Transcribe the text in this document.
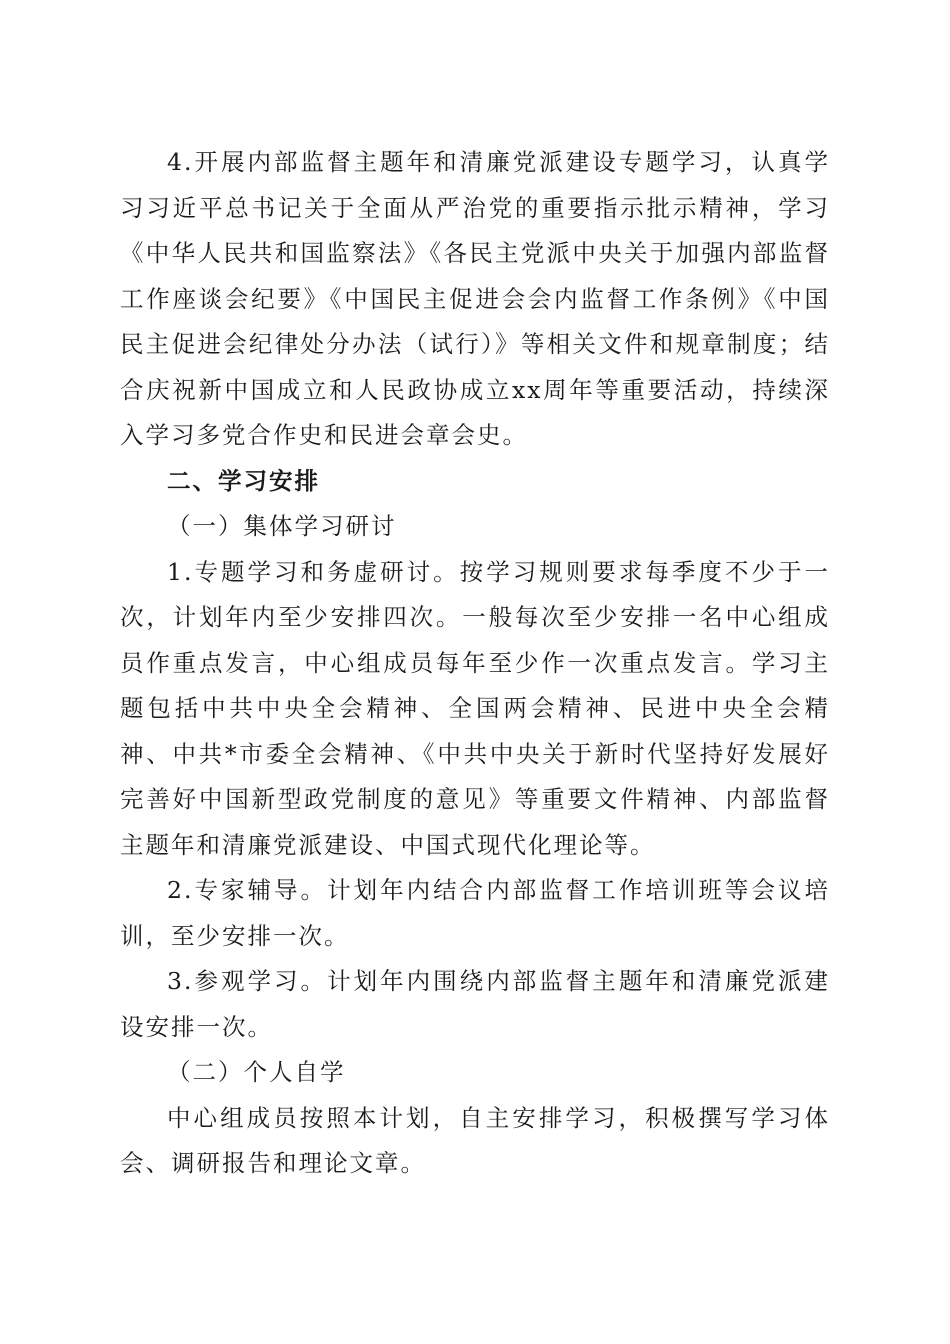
4.开展内部监督主题年和清廉党派建设专题学习，认真学习习近平总书记关于全面从严治党的重要指示批示精神，学习《中华人民共和国监察法》《各民主党派中央关于加强内部监督工作座谈会纪要》《中国民主促进会会内监督工作条例》《中国民主促进会纪律处分办法（试行）》等相关文件和规章制度；结合庆祝新中国成立和人民政协成立xx周年等重要活动，持续深入学习多党合作史和民进会章会史。

二、学习安排

（一）集体学习研讨

1.专题学习和务虚研讨。按学习规则要求每季度不少于一次，计划年内至少安排四次。一般每次至少安排一名中心组成员作重点发言，中心组成员每年至少作一次重点发言。学习主题包括中共中央全会精神、全国两会精神、民进中央全会精神、中共*市委全会精神、《中共中央关于新时代坚持好发展好完善好中国新型政党制度的意见》等重要文件精神、内部监督主题年和清廉党派建设、中国式现代化理论等。

2.专家辅导。计划年内结合内部监督工作培训班等会议培训，至少安排一次。

3.参观学习。计划年内围绕内部监督主题年和清廉党派建设安排一次。

（二）个人自学

中心组成员按照本计划，自主安排学习，积极撰写学习体会、调研报告和理论文章。
